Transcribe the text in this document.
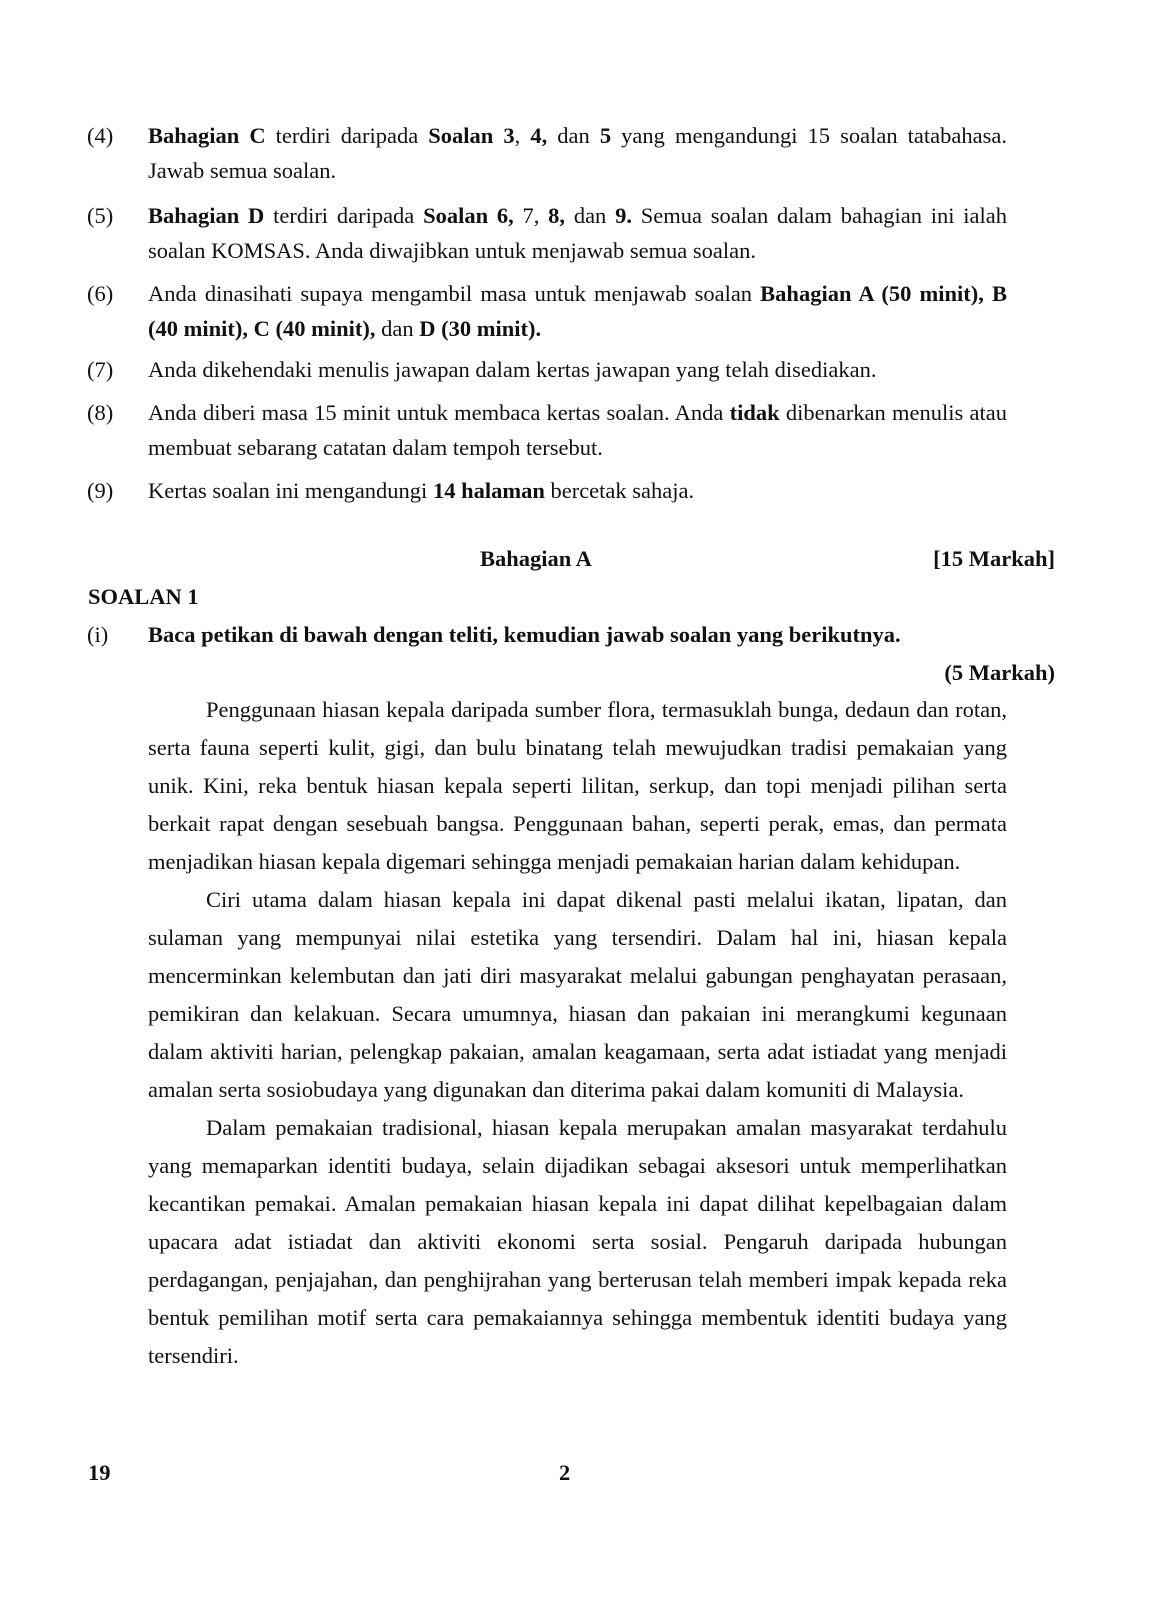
(4) Bahagian C terdiri daripada Soalan 3, 4, dan 5 yang mengandungi 15 soalan tatabahasa. Jawab semua soalan.
(5) Bahagian D terdiri daripada Soalan 6, 7, 8, dan 9. Semua soalan dalam bahagian ini ialah soalan KOMSAS. Anda diwajibkan untuk menjawab semua soalan.
(6) Anda dinasihati supaya mengambil masa untuk menjawab soalan Bahagian A (50 minit), B (40 minit), C (40 minit), dan D (30 minit).
(7) Anda dikehendaki menulis jawapan dalam kertas jawapan yang telah disediakan.
(8) Anda diberi masa 15 minit untuk membaca kertas soalan. Anda tidak dibenarkan menulis atau membuat sebarang catatan dalam tempoh tersebut.
(9) Kertas soalan ini mengandungi 14 halaman bercetak sahaja.
Bahagian A	[15 Markah]
SOALAN 1
(i) Baca petikan di bawah dengan teliti, kemudian jawab soalan yang berikutnya.
(5 Markah)

Penggunaan hiasan kepala daripada sumber flora, termasuklah bunga, dedaun dan rotan, serta fauna seperti kulit, gigi, dan bulu binatang telah mewujudkan tradisi pemakaian yang unik. Kini, reka bentuk hiasan kepala seperti lilitan, serkup, dan topi menjadi pilihan serta berkait rapat dengan sesebuah bangsa. Penggunaan bahan, seperti perak, emas, dan permata menjadikan hiasan kepala digemari sehingga menjadi pemakaian harian dalam kehidupan.

Ciri utama dalam hiasan kepala ini dapat dikenal pasti melalui ikatan, lipatan, dan sulaman yang mempunyai nilai estetika yang tersendiri. Dalam hal ini, hiasan kepala mencerminkan kelembutan dan jati diri masyarakat melalui gabungan penghayatan perasaan, pemikiran dan kelakuan. Secara umumnya, hiasan dan pakaian ini merangkumi kegunaan dalam aktiviti harian, pelengkap pakaian, amalan keagamaan, serta adat istiadat yang menjadi amalan serta sosiobudaya yang digunakan dan diterima pakai dalam komuniti di Malaysia.

Dalam pemakaian tradisional, hiasan kepala merupakan amalan masyarakat terdahulu yang memaparkan identiti budaya, selain dijadikan sebagai aksesori untuk memperlihatkan kecantikan pemakai. Amalan pemakaian hiasan kepala ini dapat dilihat kepelbagaian dalam upacara adat istiadat dan aktiviti ekonomi serta sosial. Pengaruh daripada hubungan perdagangan, penjajahan, dan penghijrahan yang berterusan telah memberi impak kepada reka bentuk pemilihan motif serta cara pemakaiannya sehingga membentuk identiti budaya yang tersendiri.

19	2
